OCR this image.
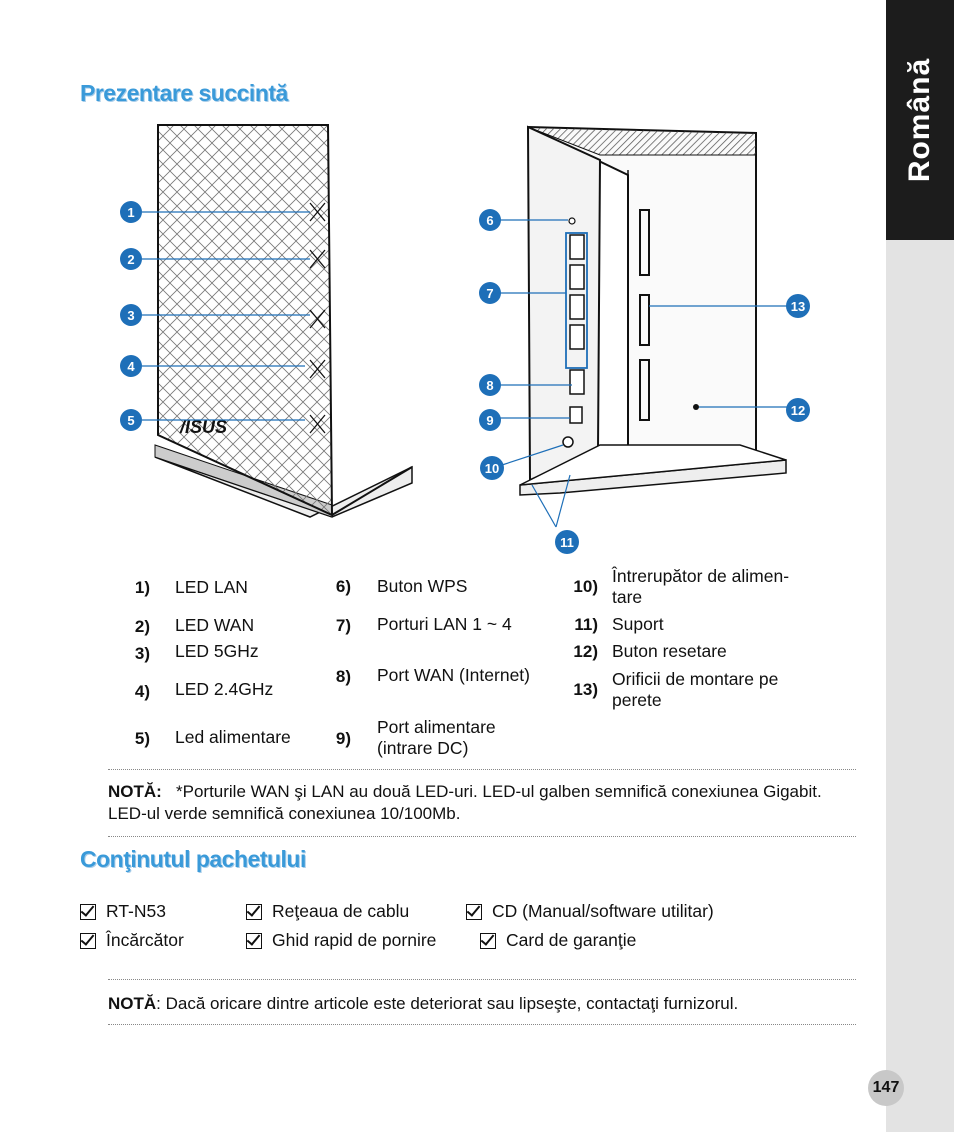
Română
Prezentare succintă
/ISUS
1
2
3
4
5
6
7
8
9
10
11
12
13
1) LED LAN
2) LED WAN
3) LED 5GHz
4) LED 2.4GHz
5) Led alimentare
6) Buton WPS
7) Porturi LAN 1 ~ 4
8) Port WAN (Internet)
9)
Port alimentare (intrare DC)
10)
Întrerupător de alimen- tare
11) Suport
12) Buton resetare
13)
Orificii de montare pe perete
NOTĂ: *Porturile WAN şi LAN au două LED-uri. LED-ul galben semnifică conexiunea Gigabit. LED-ul verde semnifică conexiunea 10/100Mb.
Conţinutul pachetului
RT-N53	Reţeaua de cablu	CD (Manual/software utilitar)
Încărcător	Ghid rapid de pornire	Card de garanţie
NOTĂ: Dacă oricare dintre articole este deteriorat sau lipseşte, contactaţi furnizorul.
147
